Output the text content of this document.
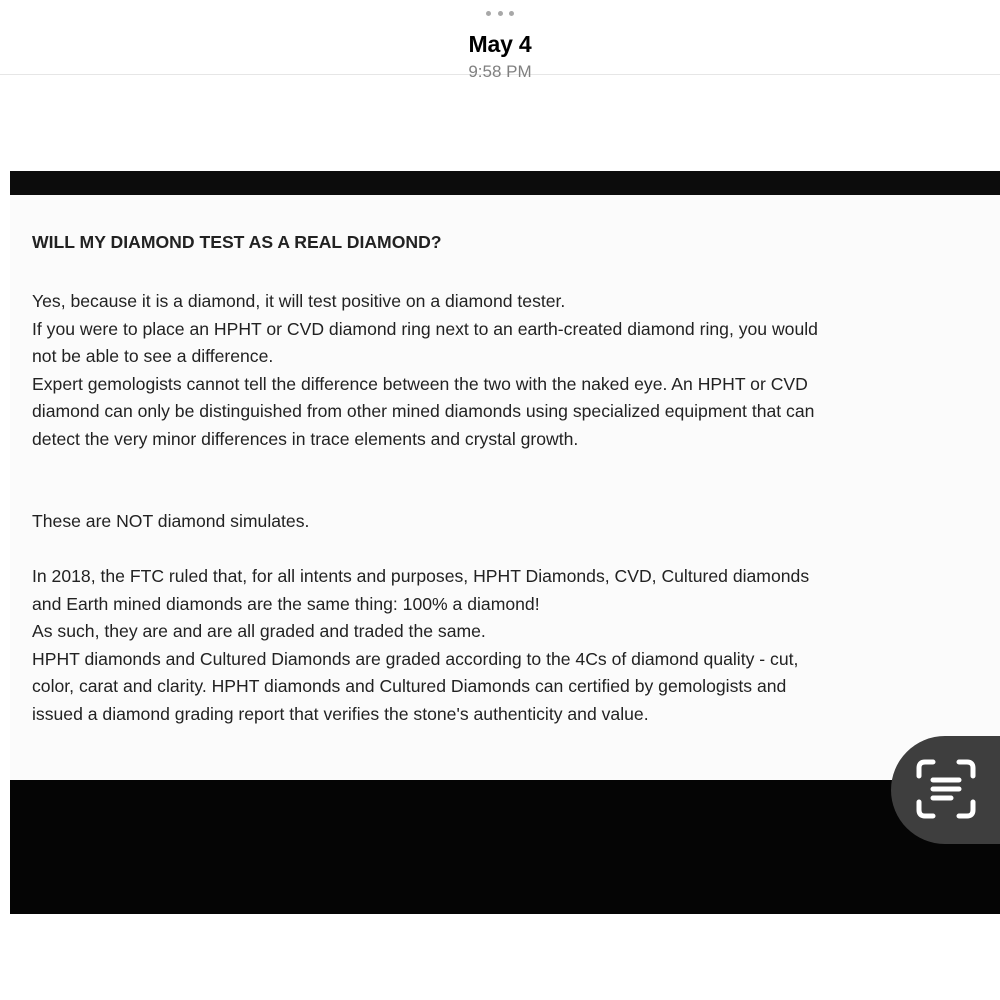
May 4
9:58 PM
WILL MY DIAMOND TEST AS A REAL DIAMOND?

Yes, because it is a diamond, it will test positive on a diamond tester.

If you were to place an HPHT or CVD diamond ring next to an earth-created diamond ring, you would

not be able to see a difference.

Expert gemologists cannot tell the difference between the two with the naked eye. An HPHT or CVD

diamond can only be distinguished from other mined diamonds using specialized equipment that can

detect the very minor differences in trace elements and crystal growth.

These are NOT diamond simulates.

In 2018, the FTC ruled that, for all intents and purposes, HPHT Diamonds, CVD, Cultured diamonds

and Earth mined diamonds are the same thing: 100% a diamond!

As such, they are and are all graded and traded the same.

HPHT diamonds and Cultured Diamonds are graded according to the 4Cs of diamond quality - cut,

color, carat and clarity. HPHT diamonds and Cultured Diamonds can certified by gemologists and

issued a diamond grading report that verifies the stone's authenticity and value.
